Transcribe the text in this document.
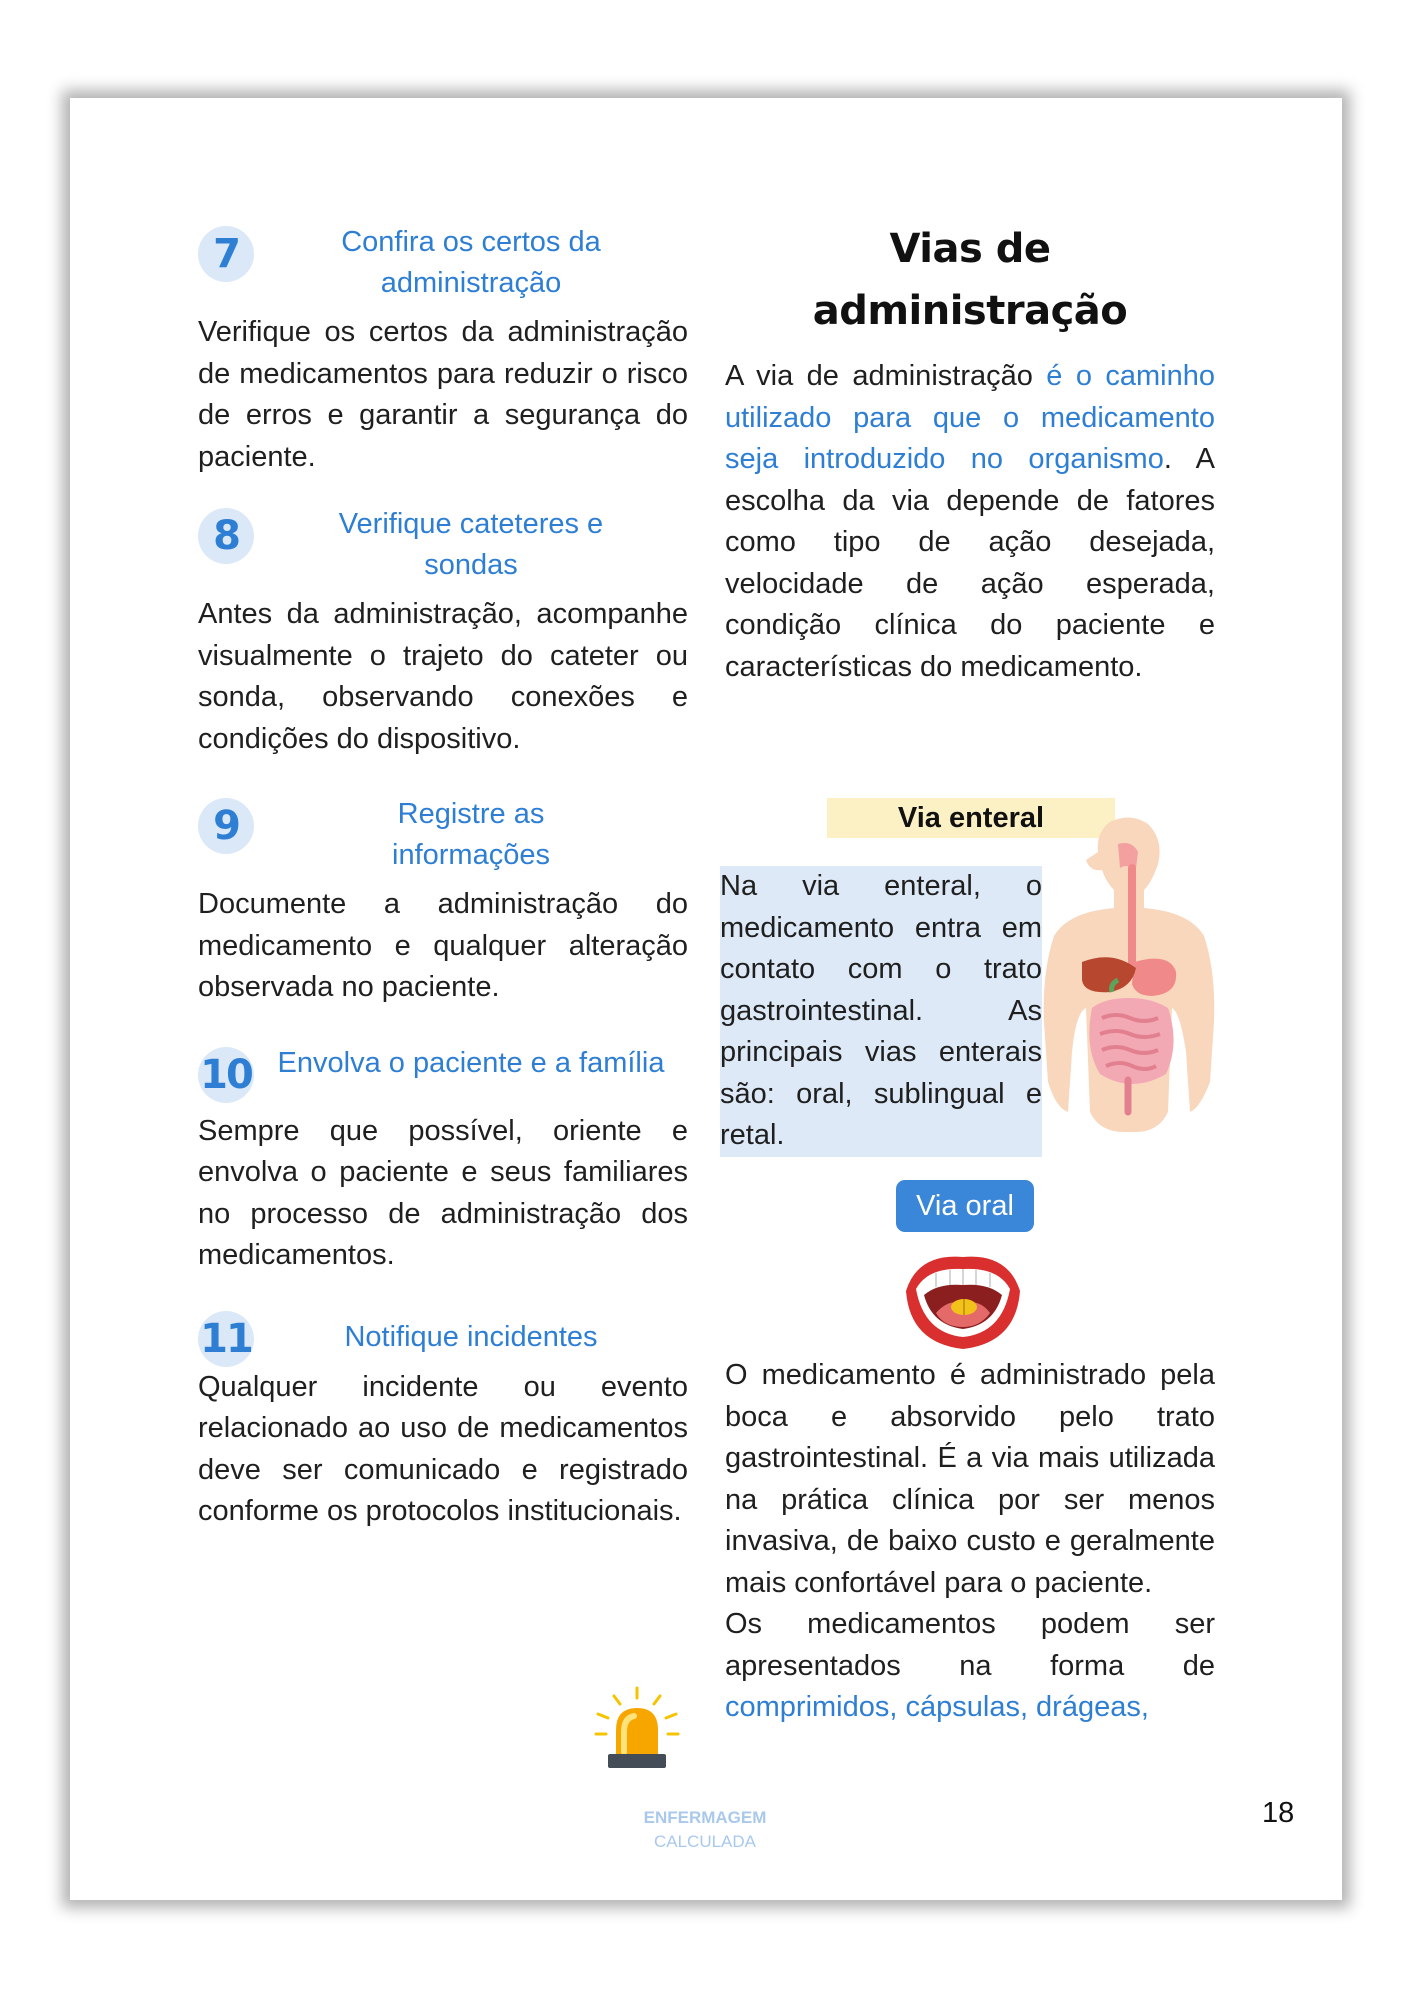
7	Confira os certos da administração
Verifique os certos da administração de medicamentos para reduzir o risco de erros e garantir a segurança do paciente.
8	Verifique cateteres e sondas
Antes da administração, acompanhe visualmente o trajeto do cateter ou sonda, observando conexões e condições do dispositivo.
9	Registre as informações
Documente a administração do medicamento e qualquer alteração observada no paciente.
10 Envolva o paciente e a família
Sempre que possível, oriente e envolva o paciente e seus familiares no processo de administração dos medicamentos.
11	Notifique incidentes
Qualquer incidente ou evento relacionado ao uso de medicamentos deve ser comunicado e registrado conforme os protocolos institucionais.
Vias de administração
A via de administração é o caminho utilizado para que o medicamento seja introduzido no organismo. A escolha da via depende de fatores como tipo de ação desejada, velocidade de ação esperada, condição clínica do paciente e características do medicamento.
Via enteral
Na via enteral, o medicamento entra em contato com o trato gastrointestinal. As principais vias enterais são: oral, sublingual e retal.
Via oral
O medicamento é administrado pela boca e absorvido pelo trato gastrointestinal. É a via mais utilizada na prática clínica por ser menos invasiva, de baixo custo e geralmente mais confortável para o paciente.
Os medicamentos podem ser apresentados na forma de comprimidos, cápsulas, drágeas,
ENFERMAGEM
CALCULADA
18
